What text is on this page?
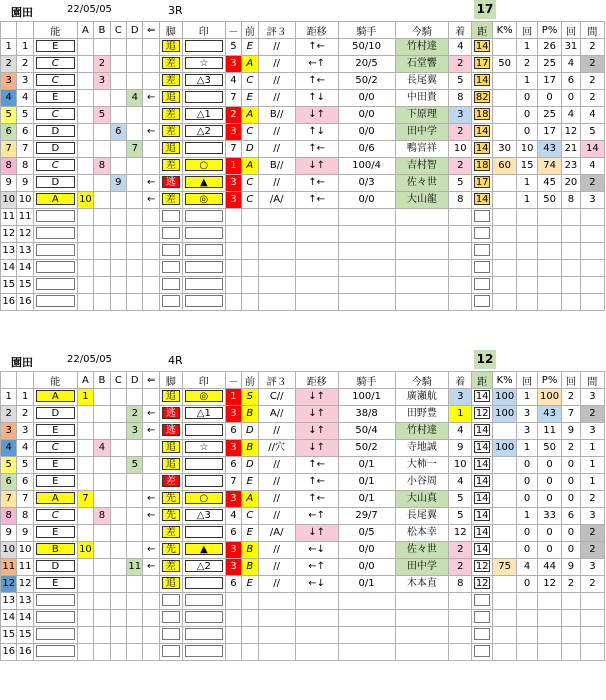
園田	22/05/05	3R	17
		能	A	B	C	D	⇐	脚	印	－	前	評３	距移	騎手	今騎	着	距	K%	回	P%	回	間
1	1	E						追		5	E	//	↑←	50/10	竹村達	4	14		1	26	31	2
2	2	C		2				差	☆	3	A	//	←↑	20/5	石堂響	2	17	50	2	25	4	2
3	3	C		3				差	△3	4	C	//	↑←	50/2	長尾翼	5	14		1	17	6	2
4	4	E				4	←	追		7	E	//	↑↓	0/0	中田貴	8	82		0	0	0	2
5	5	C		5				差	△1	2	A	B//	↓↑	0/0	下原理	3	18		0	25	4	4
6	6	D			6		←	差	△2	3	C	//	↑↓	0/0	田中学	2	14		0	17	12	5
7	7	D				7		追		7	D	//	↑←	0/6	鴨宮祥	10	14	30	10	43	21	14
8	8	C		8				差	○	1	A	B//	↓↑	100/4	吉村智	2	18	60	15	74	23	4
9	9	D			9		←	逃	▲	3	C	//	↑←	0/3	佐々世	5	17		1	45	20	2
10	10	A	10				←	差	◎	3	C	/A/	↑←	0/0	大山龍	8	14		1	50	8	3
11	11																					
12	12																					
13	13																					
14	14																					
15	15																					
16	16																					
園田	22/05/05	4R	12
		能	A	B	C	D	⇐	脚	印	－	前	評３	距移	騎手	今騎	着	距	K%	回	P%	回	間
1	1	A	1					追	◎	1	S	C//	↓↑	100/1	廣瀬航	3	14	100	1	100	2	3
2	2	D				2	←	逃	△1	3	B	A//	↓↑	38/8	田野豊	1	12	100	3	43	7	2
3	3	E				3	←	逃		6	D	//	↓↑	50/4	竹村達	4	14		3	11	9	3
4	4	C		4				追	☆	3	B	//穴	↓↑	50/2	寺地誠	9	14	100	1	50	2	1
5	5	E				5		追		6	D	//	↑←	0/1	大柿一	10	14		0	0	0	1
6	6	E						差		7	E	//	↑←	0/1	小谷周	4	14		0	0	0	1
7	7	A	7				←	先	○	3	A	//	↑←	0/1	大山真	5	14		0	0	0	2
8	8	C		8			←	先	△3	4	C	//	←↑	29/7	長尾翼	5	14		1	33	6	3
9	9	E						差		6	E	/A/	↓↑	0/5	松本幸	12	14		0	0	0	2
10	10	B	10				←	先	▲	3	B	//	←↓	0/0	佐々世	2	14		0	0	0	2
11	11	D				11	←	差	△2	3	B	//	←↑	0/0	田中学	2	12	75	4	44	9	3
12	12	E						追		6	E	//	←↓	0/1	木本直	8	12		0	12	2	2
13	13																					
14	14																					
15	15																					
16	16																					
